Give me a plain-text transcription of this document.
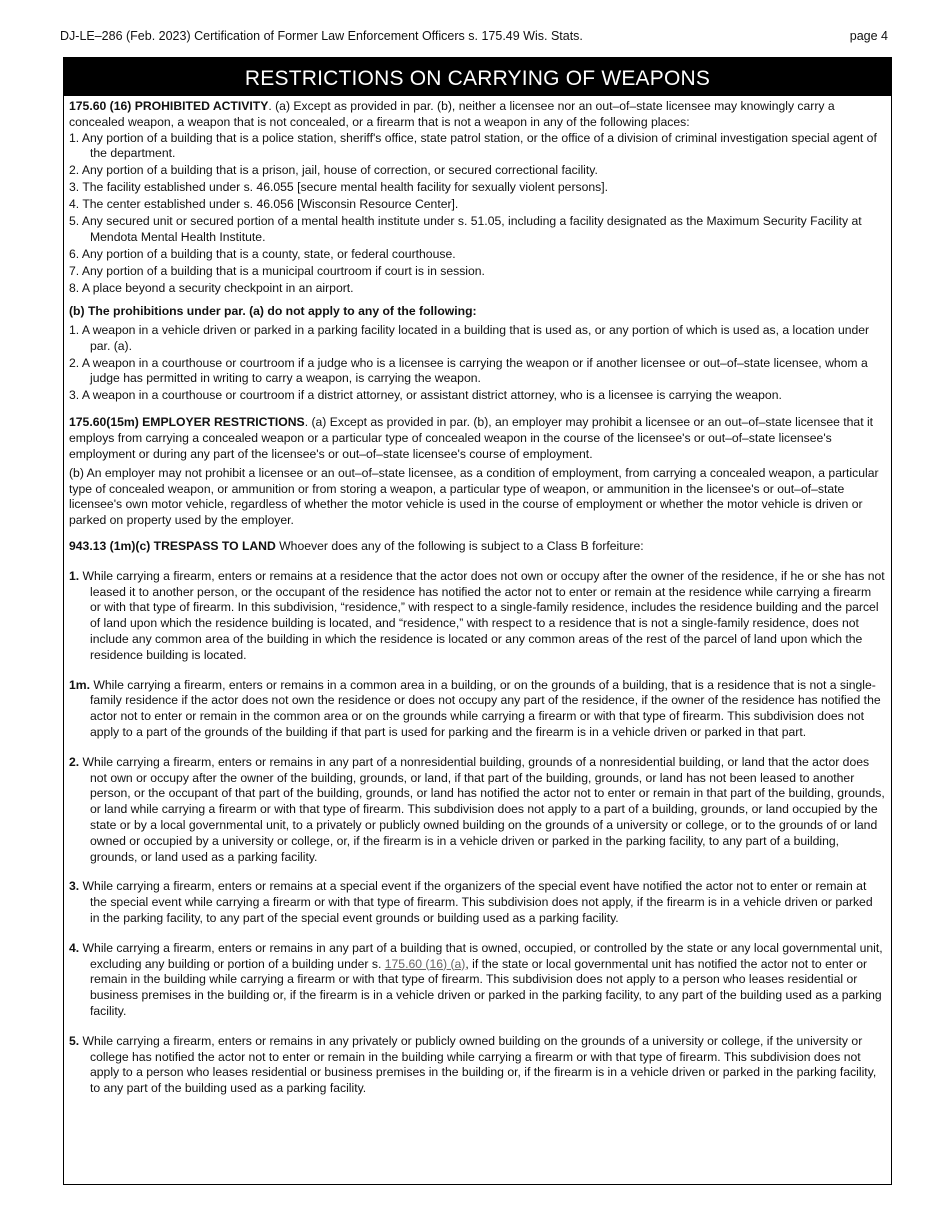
DJ-LE–286 (Feb. 2023) Certification of Former Law Enforcement Officers s. 175.49 Wis. Stats.	page 4
RESTRICTIONS ON CARRYING OF WEAPONS

175.60 (16) PROHIBITED ACTIVITY. (a) Except as provided in par. (b), neither a licensee nor an out–of–state licensee may knowingly carry a concealed weapon, a weapon that is not concealed, or a firearm that is not a weapon in any of the following places:

1. Any portion of a building that is a police station, sheriff's office, state patrol station, or the office of a division of criminal investigation special agent of the department.
2. Any portion of a building that is a prison, jail, house of correction, or secured correctional facility.
3. The facility established under s. 46.055 [secure mental health facility for sexually violent persons].
4. The center established under s. 46.056 [Wisconsin Resource Center].
5. Any secured unit or secured portion of a mental health institute under s. 51.05, including a facility designated as the Maximum Security Facility at Mendota Mental Health Institute.
6. Any portion of a building that is a county, state, or federal courthouse.
7. Any portion of a building that is a municipal courtroom if court is in session.
8. A place beyond a security checkpoint in an airport.

(b) The prohibitions under par. (a) do not apply to any of the following:

1. A weapon in a vehicle driven or parked in a parking facility located in a building that is used as, or any portion of which is used as, a location under par. (a).
2. A weapon in a courthouse or courtroom if a judge who is a licensee is carrying the weapon or if another licensee or out–of–state licensee, whom a judge has permitted in writing to carry a weapon, is carrying the weapon.
3. A weapon in a courthouse or courtroom if a district attorney, or assistant district attorney, who is a licensee is carrying the weapon.

175.60(15m) EMPLOYER RESTRICTIONS. (a) Except as provided in par. (b), an employer may prohibit a licensee or an out–of–state licensee that it employs from carrying a concealed weapon or a particular type of concealed weapon in the course of the licensee's or out–of–state licensee's employment or during any part of the licensee's or out–of–state licensee's course of employment.

(b) An employer may not prohibit a licensee or an out–of–state licensee, as a condition of employment, from carrying a concealed weapon, a particular type of concealed weapon, or ammunition or from storing a weapon, a particular type of weapon, or ammunition in the licensee's or out–of–state licensee's own motor vehicle, regardless of whether the motor vehicle is used in the course of employment or whether the motor vehicle is driven or parked on property used by the employer.

943.13 (1m)(c) TRESPASS TO LAND Whoever does any of the following is subject to a Class B forfeiture:

1. While carrying a firearm, enters or remains at a residence that the actor does not own or occupy after the owner of the residence, if he or she has not leased it to another person, or the occupant of the residence has notified the actor not to enter or remain at the residence while carrying a firearm or with that type of firearm. In this subdivision, “residence,” with respect to a single-family residence, includes the residence building and the parcel of land upon which the residence building is located, and “residence,” with respect to a residence that is not a single-family residence, does not include any common area of the building in which the residence is located or any common areas of the rest of the parcel of land upon which the residence building is located.

1m. While carrying a firearm, enters or remains in a common area in a building, or on the grounds of a building, that is a residence that is not a single-family residence if the actor does not own the residence or does not occupy any part of the residence, if the owner of the residence has notified the actor not to enter or remain in the common area or on the grounds while carrying a firearm or with that type of firearm. This subdivision does not apply to a part of the grounds of the building if that part is used for parking and the firearm is in a vehicle driven or parked in that part.

2. While carrying a firearm, enters or remains in any part of a nonresidential building, grounds of a nonresidential building, or land that the actor does not own or occupy after the owner of the building, grounds, or land, if that part of the building, grounds, or land has not been leased to another person, or the occupant of that part of the building, grounds, or land has notified the actor not to enter or remain in that part of the building, grounds, or land while carrying a firearm or with that type of firearm. This subdivision does not apply to a part of a building, grounds, or land occupied by the state or by a local governmental unit, to a privately or publicly owned building on the grounds of a university or college, or to the grounds of or land owned or occupied by a university or college, or, if the firearm is in a vehicle driven or parked in the parking facility, to any part of a building, grounds, or land used as a parking facility.

3. While carrying a firearm, enters or remains at a special event if the organizers of the special event have notified the actor not to enter or remain at the special event while carrying a firearm or with that type of firearm. This subdivision does not apply, if the firearm is in a vehicle driven or parked in the parking facility, to any part of the special event grounds or building used as a parking facility.

4. While carrying a firearm, enters or remains in any part of a building that is owned, occupied, or controlled by the state or any local governmental unit, excluding any building or portion of a building under s. 175.60 (16) (a), if the state or local governmental unit has notified the actor not to enter or remain in the building while carrying a firearm or with that type of firearm. This subdivision does not apply to a person who leases residential or business premises in the building or, if the firearm is in a vehicle driven or parked in the parking facility, to any part of the building used as a parking facility.

5. While carrying a firearm, enters or remains in any privately or publicly owned building on the grounds of a university or college, if the university or college has notified the actor not to enter or remain in the building while carrying a firearm or with that type of firearm. This subdivision does not apply to a person who leases residential or business premises in the building or, if the firearm is in a vehicle driven or parked in the parking facility, to any part of the building used as a parking facility.
